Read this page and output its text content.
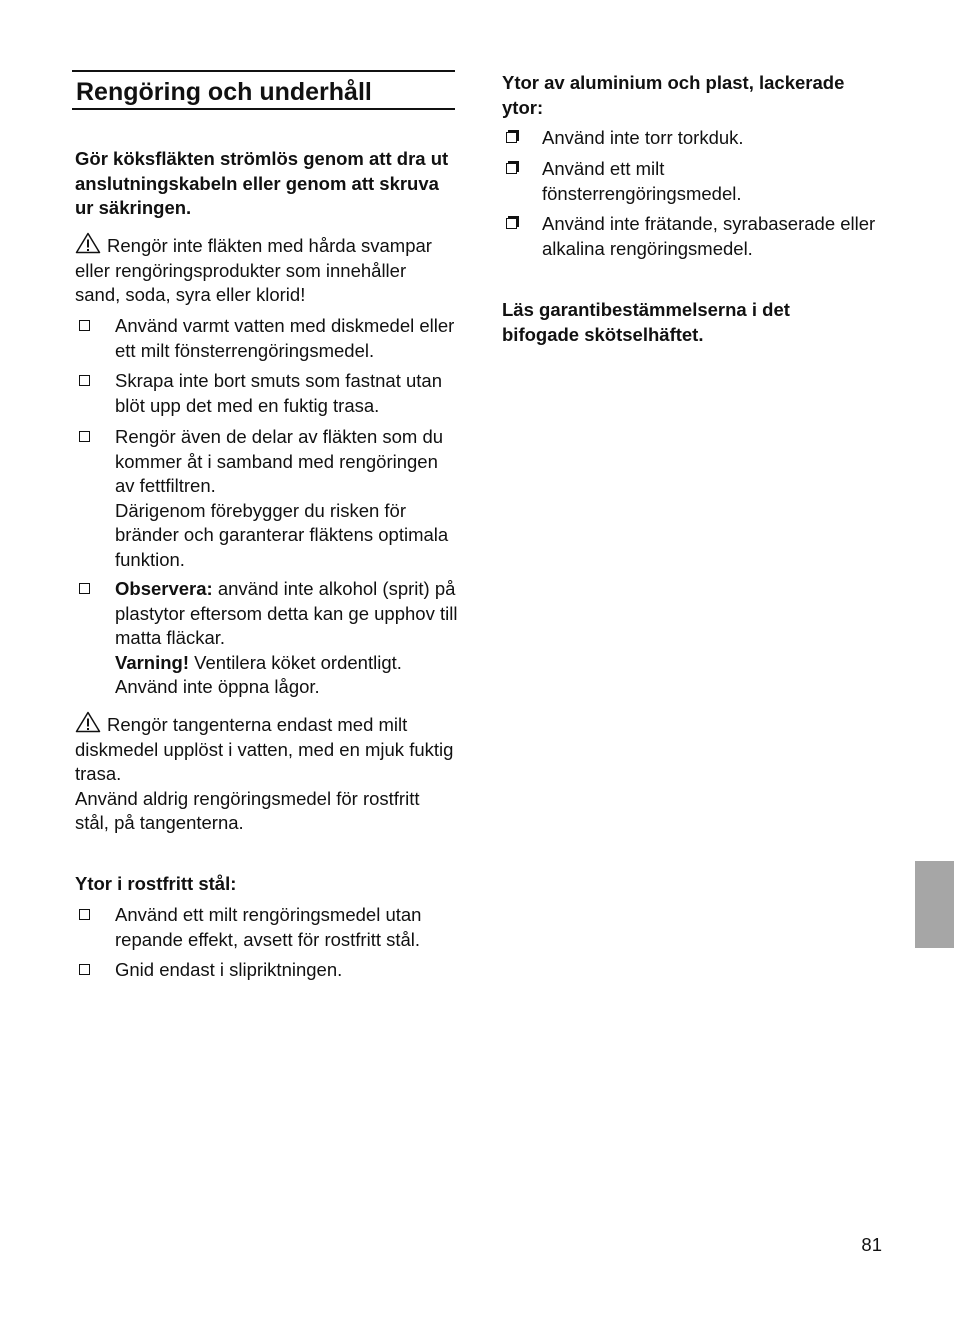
Rengöring och underhåll

Gör köksfläkten strömlös genom att dra ut anslutningskabeln eller genom att skruva ur säkringen.

Rengör inte fläkten med hårda svampar eller rengöringsprodukter som innehåller sand, soda, syra eller klorid!

Använd varmt vatten med diskmedel eller ett milt fönsterrengöringsmedel.

Skrapa inte bort smuts som fastnat utan blöt upp det med en fuktig trasa.

Rengör även de delar av fläkten som du kommer åt i samband med rengöringen av fettfiltren.

Därigenom förebygger du risken för bränder och garanterar fläktens optimala funktion.

Observera: använd inte alkohol (sprit) på plastytor eftersom detta kan ge upphov till matta fläckar.

Varning! Ventilera köket ordentligt. Använd inte öppna lågor.

Rengör tangenterna endast med milt diskmedel upplöst i vatten, med en mjuk fuktig trasa.

Använd aldrig rengöringsmedel för rostfritt stål, på tangenterna.

Ytor i rostfritt stål:

Använd ett milt rengöringsmedel utan repande effekt, avsett för rostfritt stål.

Gnid endast i slipriktningen.

Ytor av aluminium och plast, lackerade ytor:

Använd inte torr torkduk.

Använd ett milt fönsterrengöringsmedel.

Använd inte frätande, syrabaserade eller alkalina rengöringsmedel.

Läs garantibestämmelserna i det bifogade skötselhäftet.

81
